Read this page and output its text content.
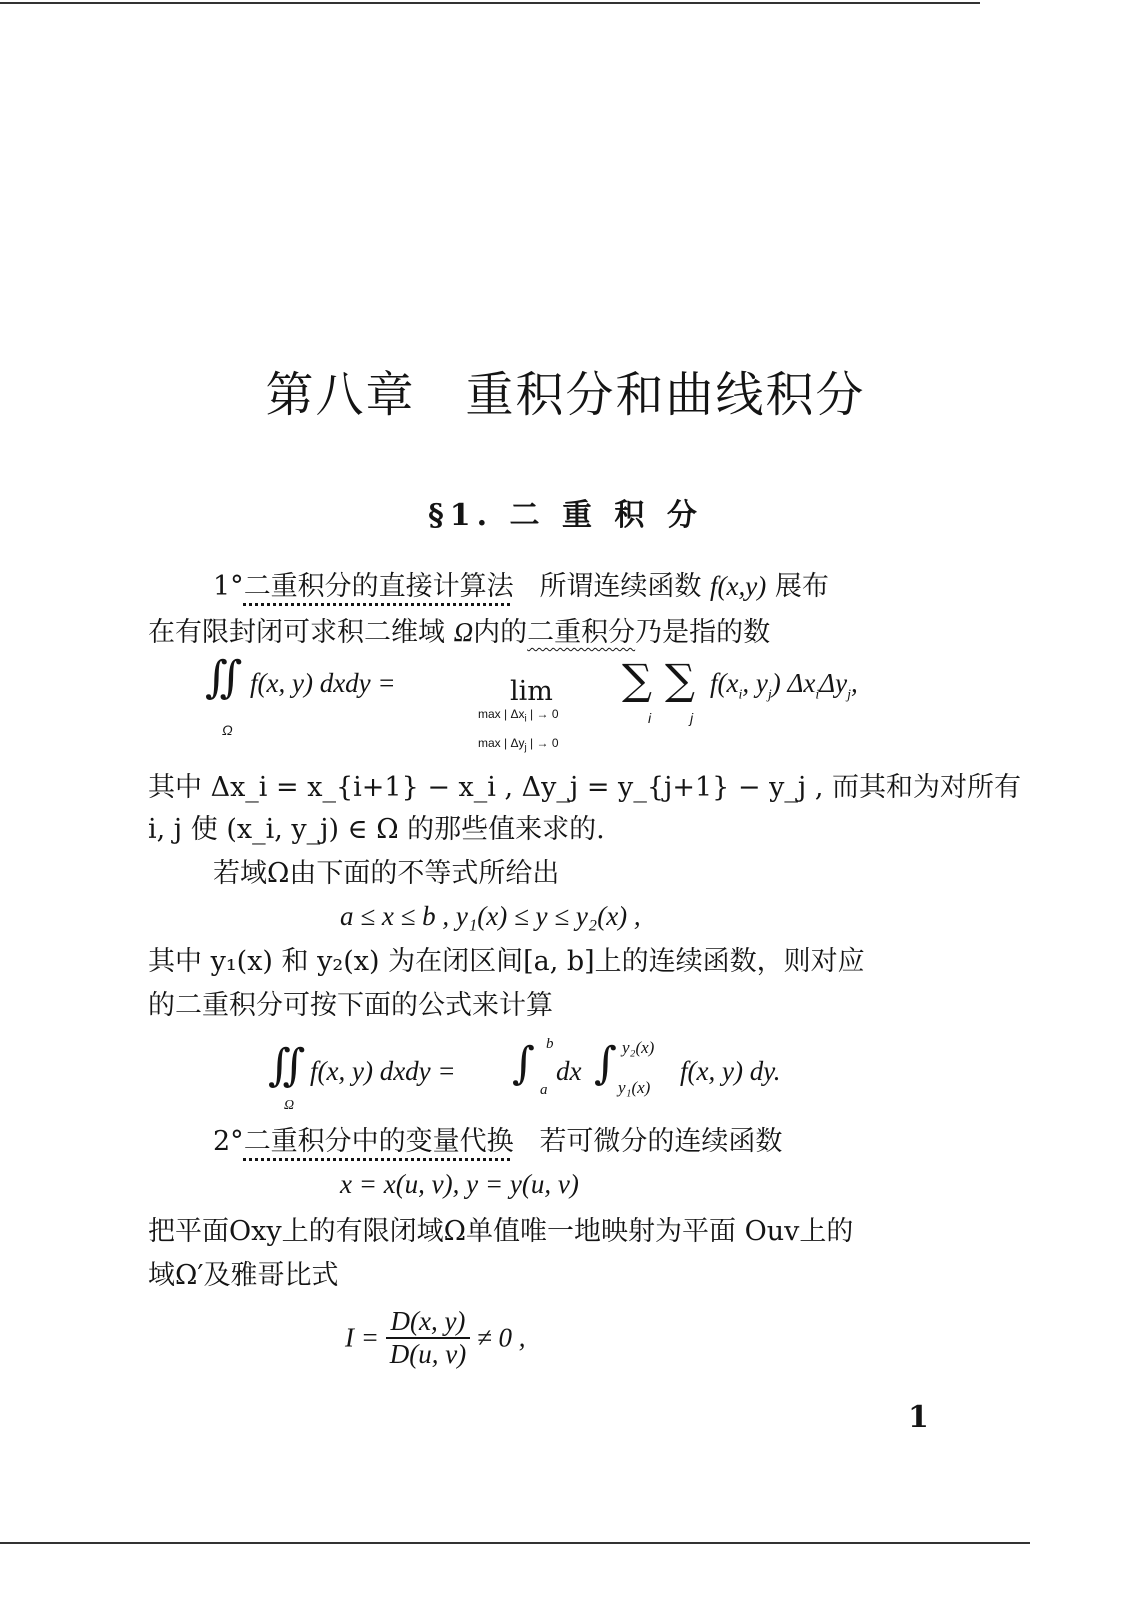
第八章　重积分和曲线积分
§1. 二 重 积 分
1°二重积分的直接计算法 所谓连续函数 f(x,y) 展布
在有限封闭可求积二维域 Ω内的二重积分乃是指的数
∬
Ω
f(x, y) dxdy =	lim
max | $\Delta x_i$ | → 0
max | $\Delta y_j$ | → 0
∑
i
∑
j
$f(x_i$, $y_j$) $\Delta x_i\Delta y_j$,
其中 Δx_i = x_{i+1} − x_i , Δy_j = y_{j+1} − y_j , 而其和为对所有
i, j 使 (x_i, y_j) ∈ Ω 的那些值来求的.
若域Ω由下面的不等式所给出
a ≤ x ≤ b , y₁(x) ≤ y ≤ y₂(x) ,
其中 y₁(x) 和 y₂(x) 为在闭区间[a, b]上的连续函数，则对应
的二重积分可按下面的公式来计算
∬
Ω
f(x, y) dxdy = ∫ b
a
dx ∫ y₂(x)
y₁(x)
f(x, y) dy.
2°二重积分中的变量代换 若可微分的连续函数
x = x(u, v), y = y(u, v)
把平面Oxy上的有限闭域Ω单值唯一地映射为平面 Ouv上的
域Ω′及雅哥比式
$I = \frac{D(x, y)}{D(u, v)} \ne 0$ ,
1
